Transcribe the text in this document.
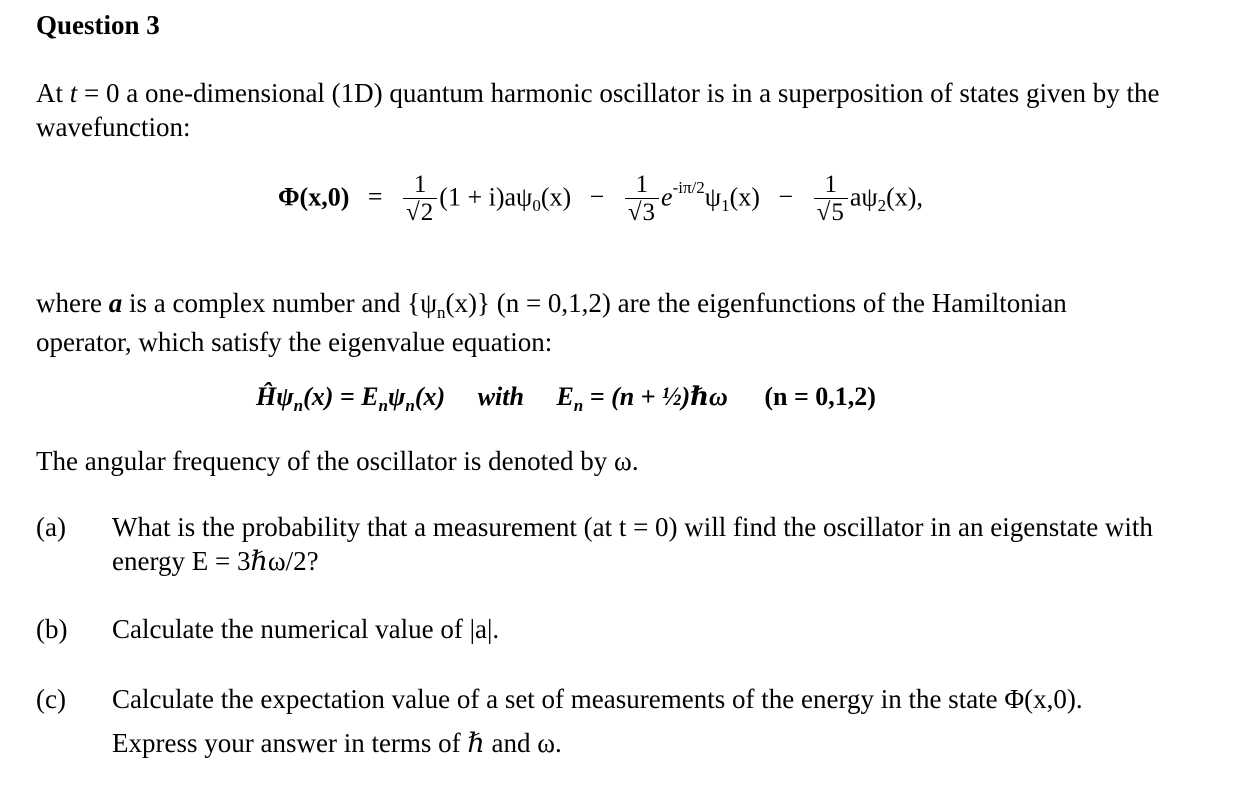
Question 3
At t = 0 a one-dimensional (1D) quantum harmonic oscillator is in a superposition of states given by the
wavefunction:
$\Phi(x,0) = \frac{1}{√2} (1 + i)a\psi_0(x) - \frac{1}{√3} e^{-i\pi/2}\psi_1(x) - \frac{1}{√5} a\psi_2(x)$,
where a is a complex number and $\{\psi_n(x)\} (n = 0,1,2)$ are the eigenfunctions of the Hamiltonian
operator, which satisfy the eigenvalue equation:
$Ĥ\psi_n(x) = E_n\psi_n(x)$ with $E_n = (n$ + ½)ℏω (n = 0,1,2)
The angular frequency of the oscillator is denoted by ω.
(a) What is the probability that a measurement (at t = 0) will find the oscillator in an eigenstate with
energy E = 3ℏω/2?
(b) Calculate the numerical value of |a|.
(c) Calculate the expectation value of a set of measurements of the energy in the state Φ(x,0).
Express your answer in terms of ℏ and ω.
